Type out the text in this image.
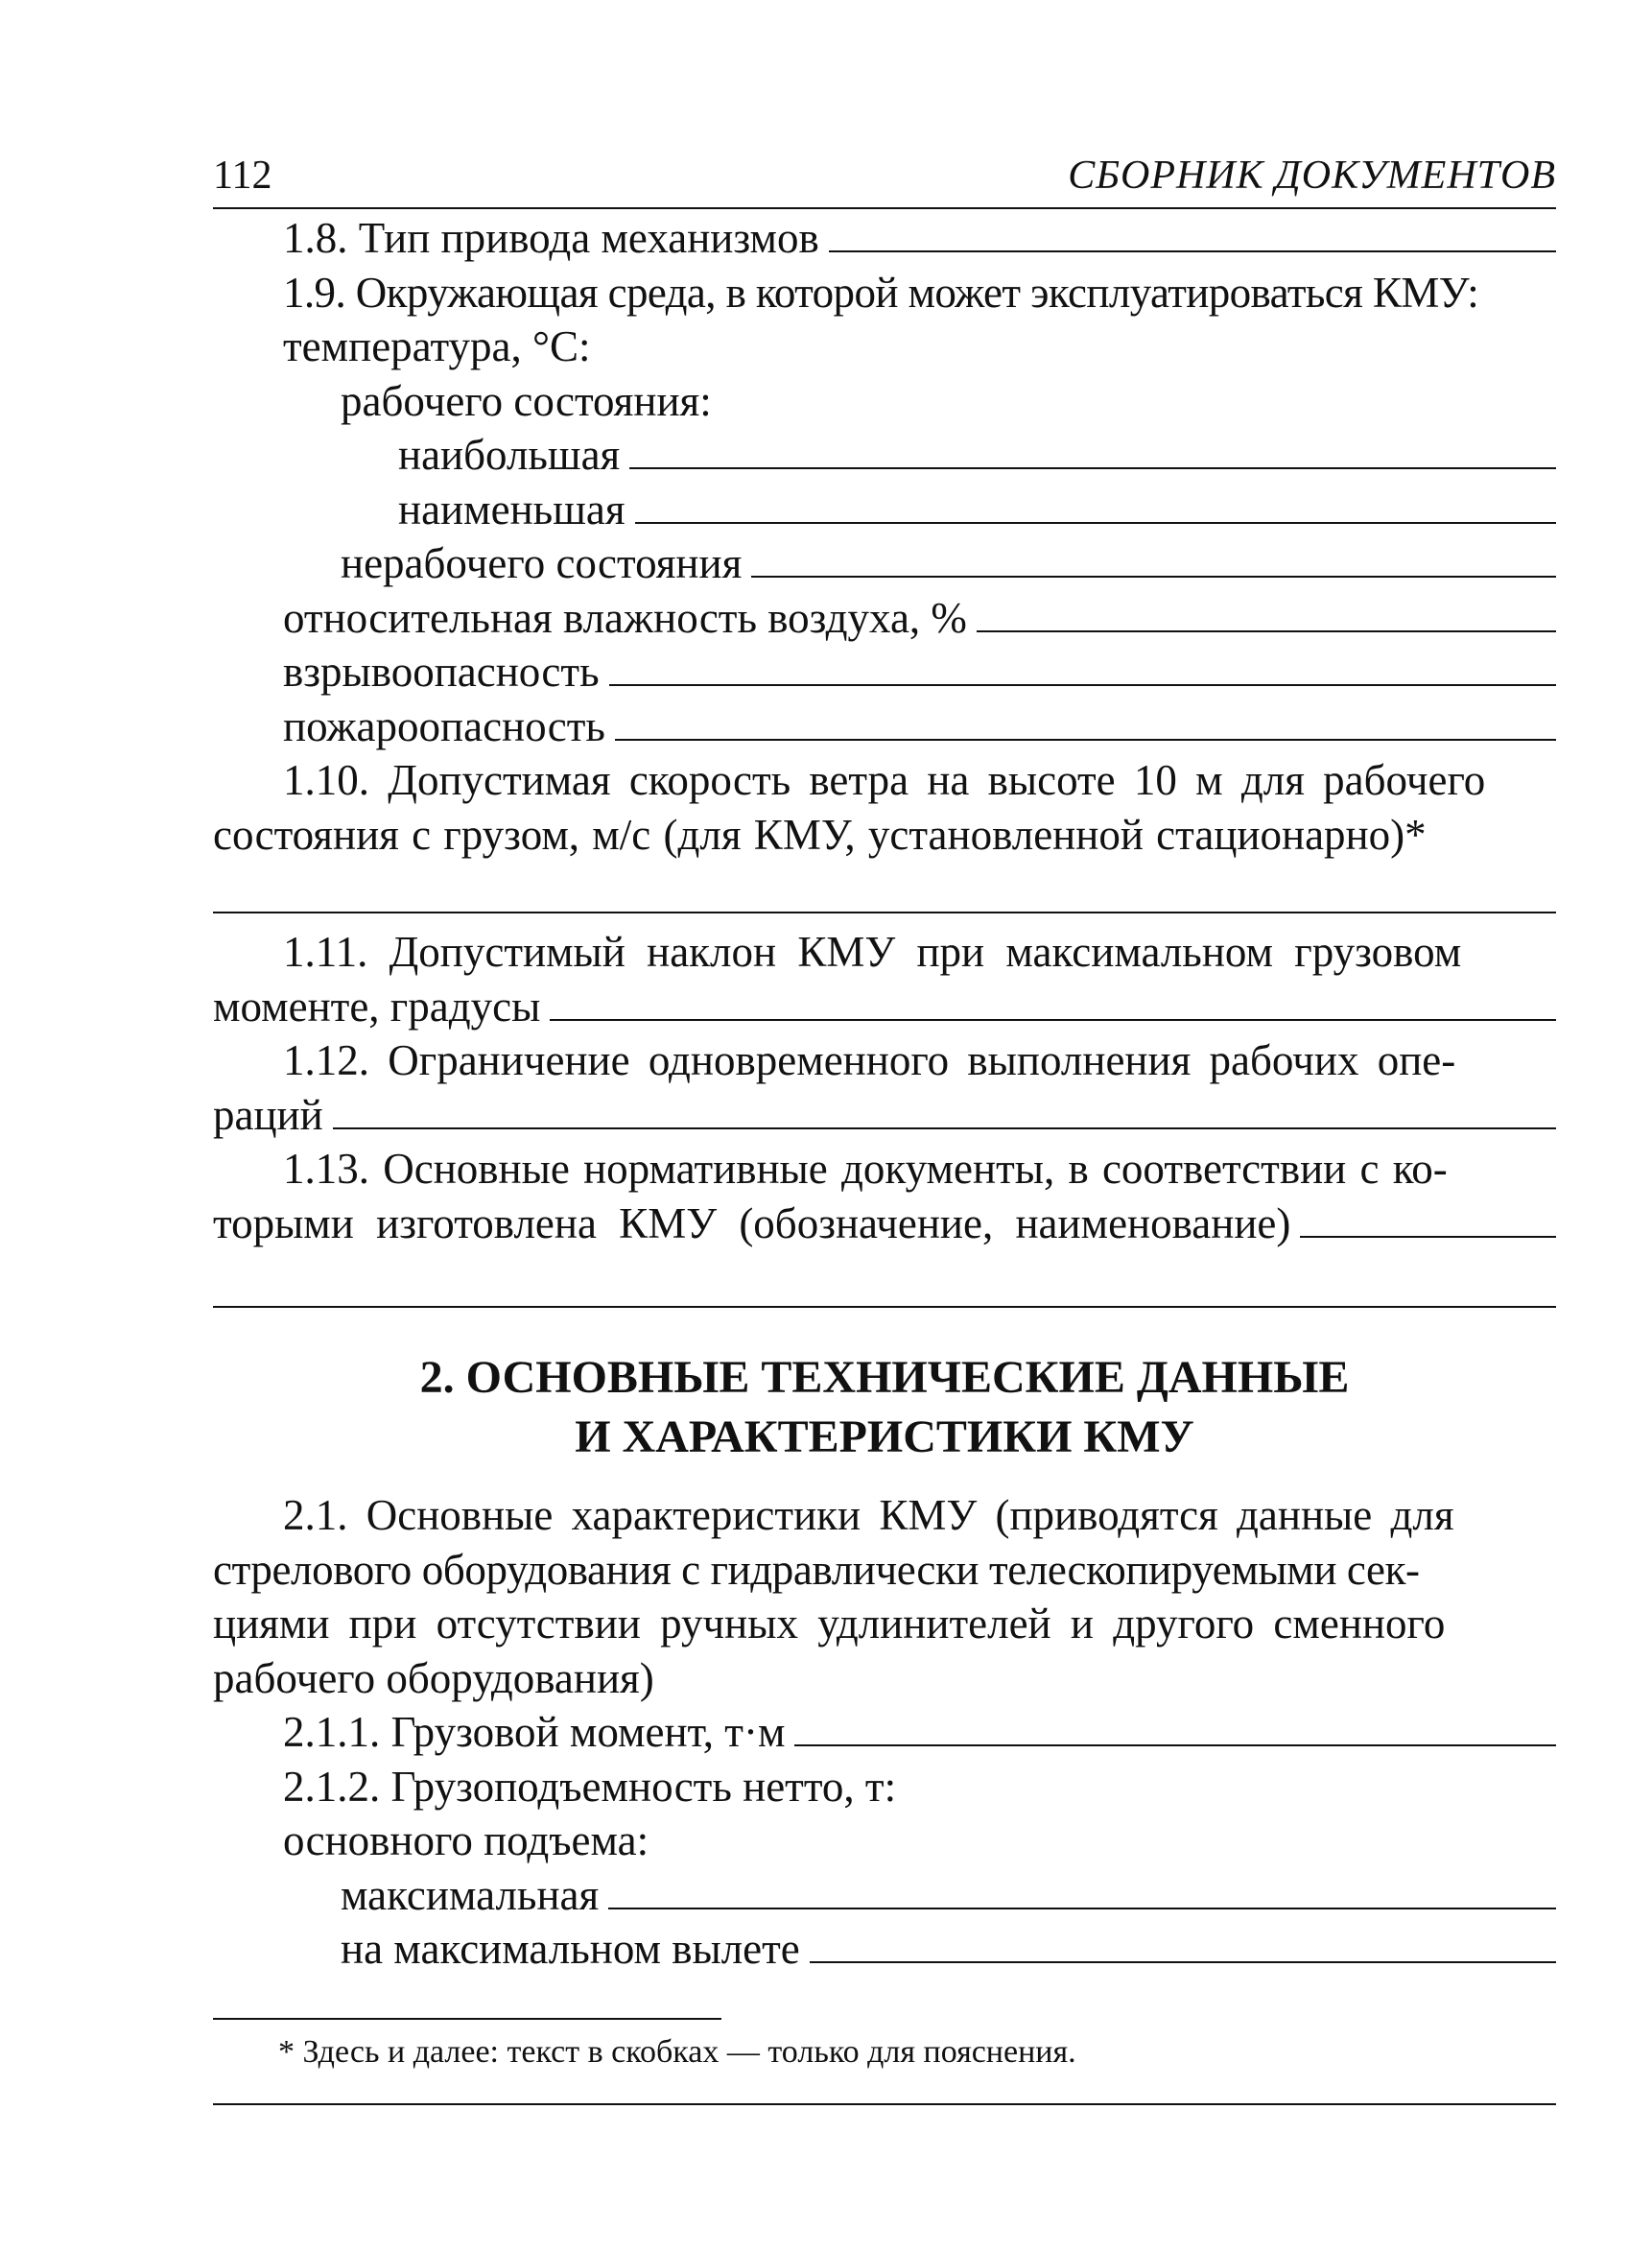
112	СБОРНИК ДОКУМЕНТОВ
1.8. Тип привода механизмов
1.9. Окружающая среда, в которой может эксплуатироваться КМУ:
температура, °C:
рабочего состояния:
наибольшая
наименьшая
нерабочего состояния
относительная влажность воздуха, %
взрывоопасность
пожароопасность
1.10. Допустимая скорость ветра на высоте 10 м для рабочего
состояния с грузом, м/с (для КМУ, установленной стационарно)*
1.11. Допустимый наклон КМУ при максимальном грузовом
моменте, градусы
1.12. Ограничение одновременного выполнения рабочих опе-
раций
1.13. Основные нормативные документы, в соответствии с ко-
торыми изготовлена КМУ (обозначение, наименование)
2. ОСНОВНЫЕ ТЕХНИЧЕСКИЕ ДАННЫЕ
И ХАРАКТЕРИСТИКИ КМУ
2.1. Основные характеристики КМУ (приводятся данные для
стрелового оборудования с гидравлически телескопируемыми сек-
циями при отсутствии ручных удлинителей и другого сменного
рабочего оборудования)
2.1.1. Грузовой момент, т·м
2.1.2. Грузоподъемность нетто, т:
основного подъема:
максимальная
на максимальном вылете
* Здесь и далее: текст в скобках — только для пояснения.
